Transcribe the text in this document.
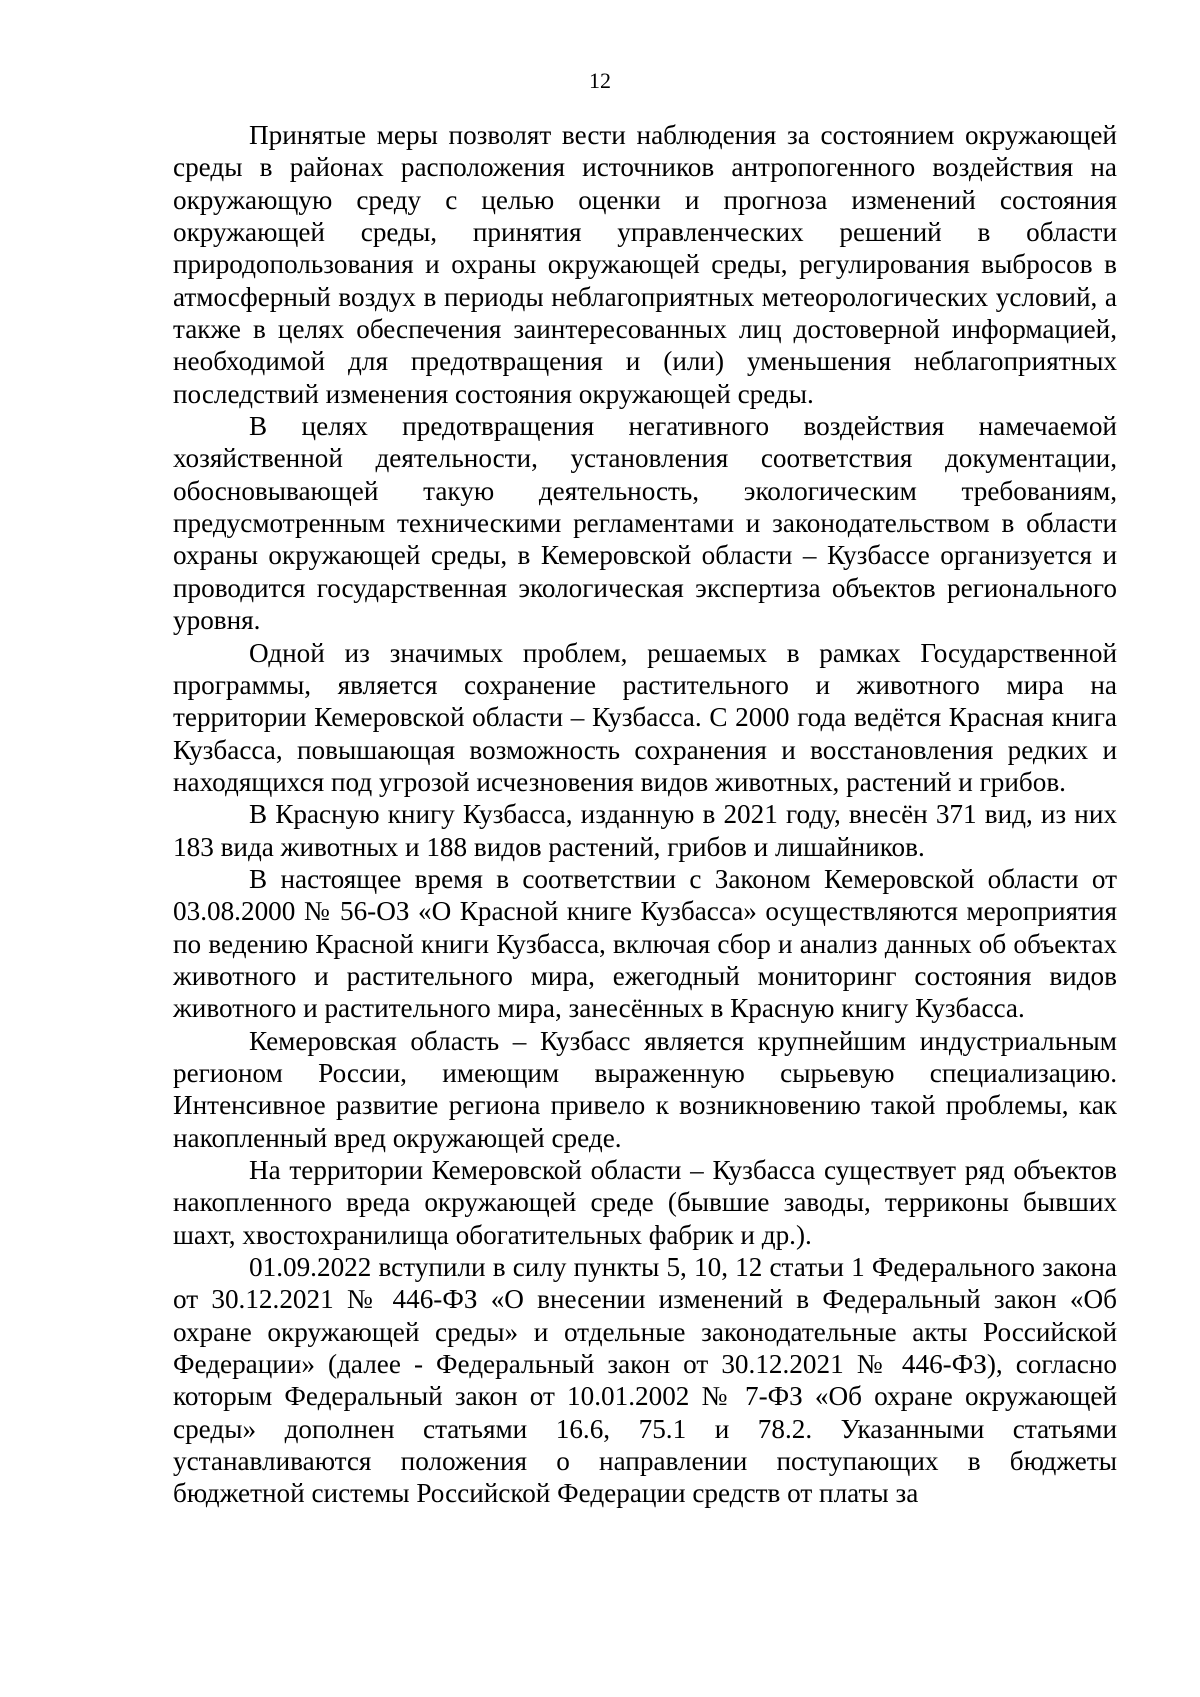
12

Принятые меры позволят вести наблюдения за состоянием окружающей среды в районах расположения источников антропогенного воздействия на окружающую среду с целью оценки и прогноза изменений состояния окружающей среды, принятия управленческих решений в области природопользования и охраны окружающей среды, регулирования выбросов в атмосферный воздух в периоды неблагоприятных метеорологических условий, а также в целях обеспечения заинтересованных лиц достоверной информацией, необходимой для предотвращения и (или) уменьшения неблагоприятных последствий изменения состояния окружающей среды.

В целях предотвращения негативного воздействия намечаемой хозяйственной деятельности, установления соответствия документации, обосновывающей такую деятельность, экологическим требованиям, предусмотренным техническими регламентами и законодательством в области охраны окружающей среды, в Кемеровской области – Кузбассе организуется и проводится государственная экологическая экспертиза объектов регионального уровня.

Одной из значимых проблем, решаемых в рамках Государственной программы, является сохранение растительного и животного мира на территории Кемеровской области – Кузбасса. С 2000 года ведётся Красная книга Кузбасса, повышающая возможность сохранения и восстановления редких и находящихся под угрозой исчезновения видов животных, растений и грибов.

В Красную книгу Кузбасса, изданную в 2021 году, внесён 371 вид, из них 183 вида животных и 188 видов растений, грибов и лишайников.

В настоящее время в соответствии с Законом Кемеровской области от 03.08.2000 № 56-ОЗ «О Красной книге Кузбасса» осуществляются мероприятия по ведению Красной книги Кузбасса, включая сбор и анализ данных об объектах животного и растительного мира, ежегодный мониторинг состояния видов животного и растительного мира, занесённых в Красную книгу Кузбасса.

Кемеровская область – Кузбасс является крупнейшим индустриальным регионом России, имеющим выраженную сырьевую специализацию. Интенсивное развитие региона привело к возникновению такой проблемы, как накопленный вред окружающей среде.

На территории Кемеровской области – Кузбасса существует ряд объектов накопленного вреда окружающей среде (бывшие заводы, терриконы бывших шахт, хвостохранилища обогатительных фабрик и др.).

01.09.2022 вступили в силу пункты 5, 10, 12 статьи 1 Федерального закона от 30.12.2021 № 446-ФЗ «О внесении изменений в Федеральный закон «Об охране окружающей среды» и отдельные законодательные акты Российской Федерации» (далее - Федеральный закон от 30.12.2021 № 446-ФЗ), согласно которым Федеральный закон от 10.01.2002 № 7-ФЗ «Об охране окружающей среды» дополнен статьями 16.6, 75.1 и 78.2. Указанными статьями устанавливаются положения о направлении поступающих в бюджеты бюджетной системы Российской Федерации средств от платы за
